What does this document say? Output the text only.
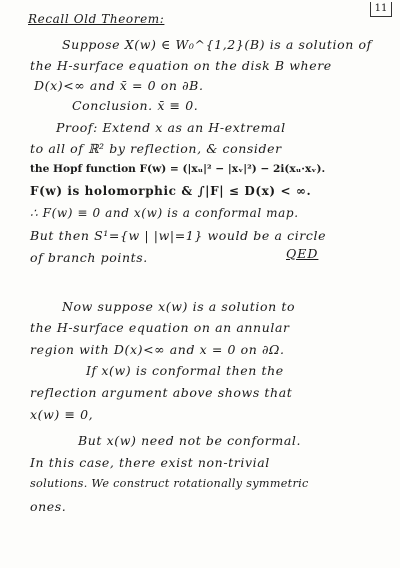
11
Recall Old Theorem:
Suppose X(w) ∈ W₀^{1,2}(B) is a solution of
the H-surface equation on the disk B where
D(x)<∞ and x̄ = 0 on ∂B.
Conclusion. x̄ ≡ 0.
Proof: Extend x as an H-extremal
to all of ℝ² by reflection, & consider
the Hopf function F(w) = (|xᵤ|² − |xᵥ|²) − 2i(xᵤ·xᵥ).
F(w) is holomorphic & ∫|F| ≤ D(x) < ∞.
∴ F(w) ≡ 0 and x(w) is a conformal map.
But then S¹={w | |w|=1} would be a circle
of branch points.	QED
Now suppose x(w) is a solution to
the H-surface equation on an annular
region with D(x)<∞ and x = 0 on ∂Ω.
If x(w) is conformal then the
reflection argument above shows that
x(w) ≡ 0,
But x(w) need not be conformal.
In this case, there exist non-trivial
solutions. We construct rotationally symmetric
ones.
